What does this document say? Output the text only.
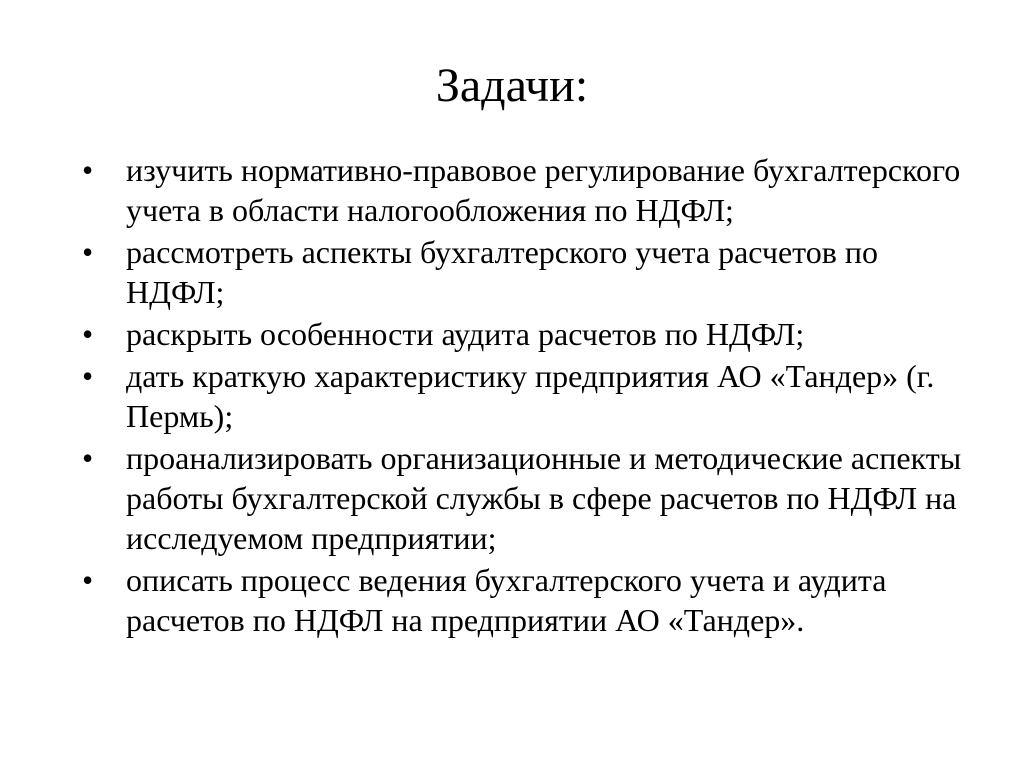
Задачи:
• изучить нормативно-правовое регулирование бухгалтерского учета в области налогообложения по НДФЛ;
• рассмотреть аспекты бухгалтерского учета расчетов по НДФЛ;
• раскрыть особенности аудита расчетов по НДФЛ;
• дать краткую характеристику предприятия АО «Тандер» (г. Пермь);
• проанализировать организационные и методические аспекты работы бухгалтерской службы в сфере расчетов по НДФЛ на исследуемом предприятии;
• описать процесс ведения бухгалтерского учета и аудита расчетов по НДФЛ на предприятии АО «Тандер».
